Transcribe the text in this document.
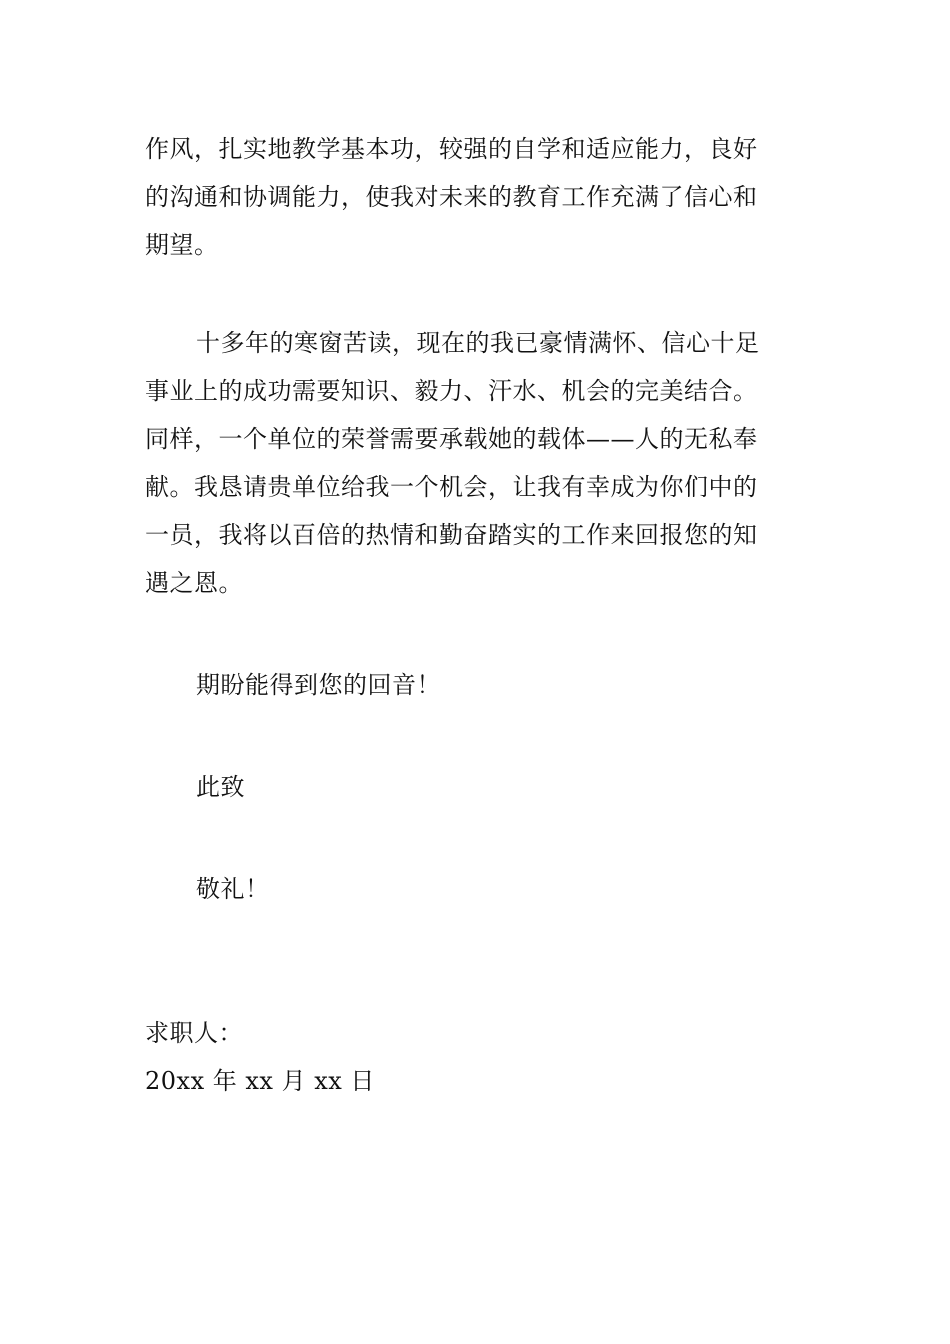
作风，扎实地教学基本功，较强的自学和适应能力，良好
的沟通和协调能力，使我对未来的教育工作充满了信心和
期望。
十多年的寒窗苦读，现在的我已豪情满怀、信心十足
事业上的成功需要知识、毅力、汗水、机会的完美结合。
同样，一个单位的荣誉需要承载她的载体——人的无私奉
献。我恳请贵单位给我一个机会，让我有幸成为你们中的
一员，我将以百倍的热情和勤奋踏实的工作来回报您的知
遇之恩。
期盼能得到您的回音！
此致
敬礼！
求职人：
20xx 年 xx 月 xx 日
